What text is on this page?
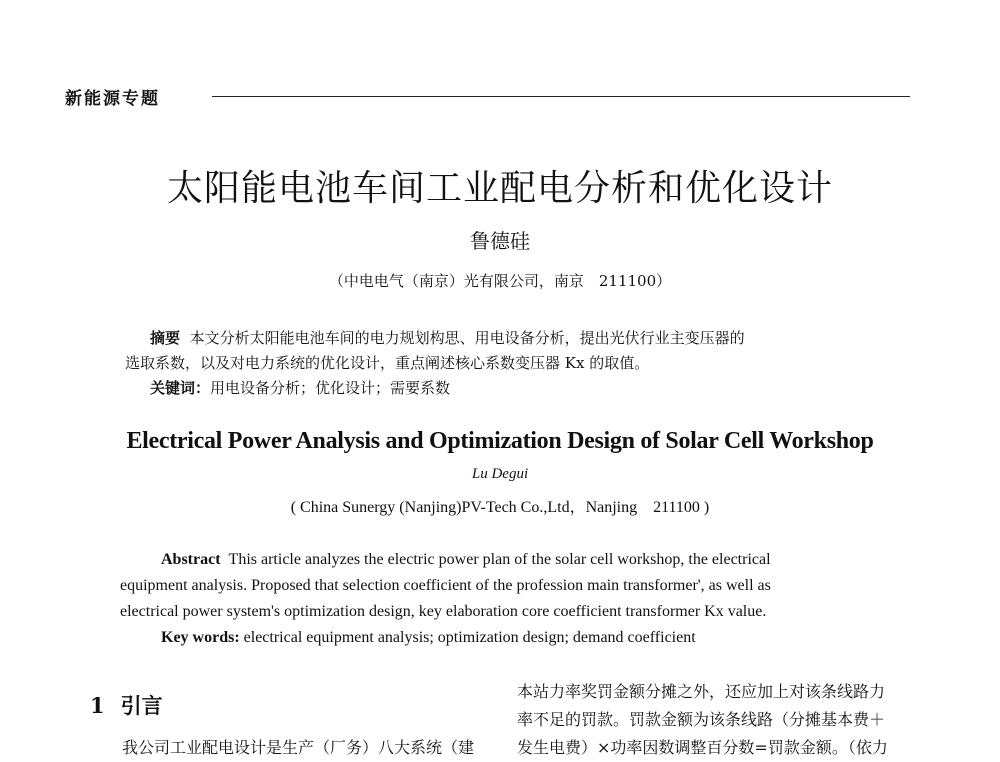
新能源专题
太阳能电池车间工业配电分析和优化设计
鲁德硅
（中电电气（南京）光有限公司，南京　211100）

摘要 本文分析太阳能电池车间的电力规划构思、用电设备分析，提出光伏行业主变压器的

选取系数，以及对电力系统的优化设计，重点阐述核心系数变压器 Kx 的取值。

关键词：用电设备分析；优化设计；需要系数

Electrical Power Analysis and Optimization Design of Solar Cell Workshop
Lu Degui
( China Sunergy (Nanjing)PV-Tech Co.,Ltd，Nanjing　211100 )

Abstract This article analyzes the electric power plan of the solar cell workshop, the electrical

equipment analysis. Proposed that selection coefficient of the profession main transformer', as well as

electrical power system's optimization design, key elaboration core coefficient transformer Kx value.

Key words: electrical equipment analysis; optimization design; demand coefficient

1 引言
我公司工业配电设计是生产（厂务）八大系统（建
本站力率奖罚金额分摊之外，还应加上对该条线路力
率不足的罚款。罚款金额为该条线路（分摊基本费＋
发生电费）×功率因数调整百分数=罚款金额。（依力
